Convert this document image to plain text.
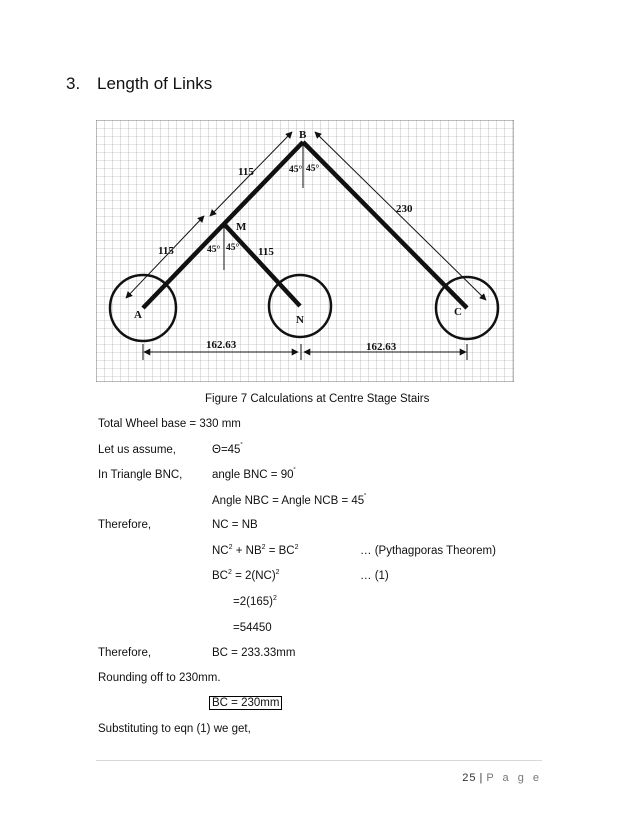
3. Length of Links
B
M
A	N
C
115
115	115
230
162.63	162.63
45° 45°
45° 45°
Figure 7 Calculations at Centre Stage Stairs
Total Wheel base = 330 mm
Let us assume,	Θ=45˚
In Triangle BNC,	angle BNC = 90˚
Angle NBC = Angle NCB = 45˚
Therefore,	NC = NB
$NC^2 + NB^2 = BC^2$	… (Pythagporas Theorem)
$BC^2 = 2(NC)^2$	… (1)
$=2(165)^2$
=54450
Therefore,	BC = 233.33mm
Rounding off to 230mm.
BC = 230mm
Substituting to eqn (1) we get,
25 | P a g e
